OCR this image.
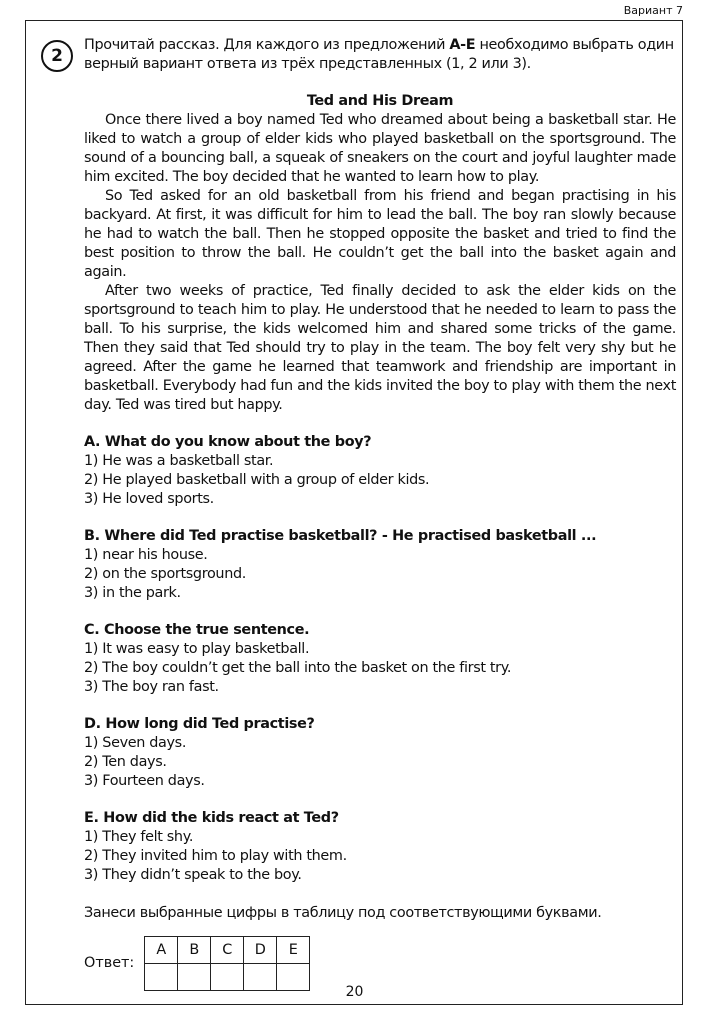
Вариант 7
2

Прочитай рассказ. Для каждого из предложений A-E необходимо выбрать один верный вариант ответа из трёх представленных (1, 2 или 3).

Ted and His Dream

Once there lived a boy named Ted who dreamed about being a basketball star. He liked to watch a group of elder kids who played basketball on the sportsground. The sound of a bouncing ball, a squeak of sneakers on the court and joyful laughter made him excited. The boy decided that he wanted to learn how to play.

So Ted asked for an old basketball from his friend and began practising in his backyard. At first, it was difficult for him to lead the ball. The boy ran slowly because he had to watch the ball. Then he stopped opposite the basket and tried to find the best position to throw the ball. He couldn’t get the ball into the basket again and again.

After two weeks of practice, Ted finally decided to ask the elder kids on the sportsground to teach him to play. He understood that he needed to learn to pass the ball. To his surprise, the kids welcomed him and shared some tricks of the game. Then they said that Ted should try to play in the team. The boy felt very shy but he agreed. After the game he learned that teamwork and friendship are important in basketball. Everybody had fun and the kids invited the boy to play with them the next day. Ted was tired but happy.

A. What do you know about the boy?

1) He was a basketball star.

2) He played basketball with a group of elder kids.

3) He loved sports.

B. Where did Ted practise basketball? - He practised basketball ...

1) near his house.

2) on the sportsground.

3) in the park.

C. Choose the true sentence.

1) It was easy to play basketball.

2) The boy couldn’t get the ball into the basket on the first try.

3) The boy ran fast.

D. How long did Ted practise?

1) Seven days.

2) Ten days.

3) Fourteen days.

E. How did the kids react at Ted?

1) They felt shy.

2) They invited him to play with them.

3) They didn’t speak to the boy.

Занеси выбранные цифры в таблицу под соответствующими буквами.

Ответ:
A	B	C	D	E

20
